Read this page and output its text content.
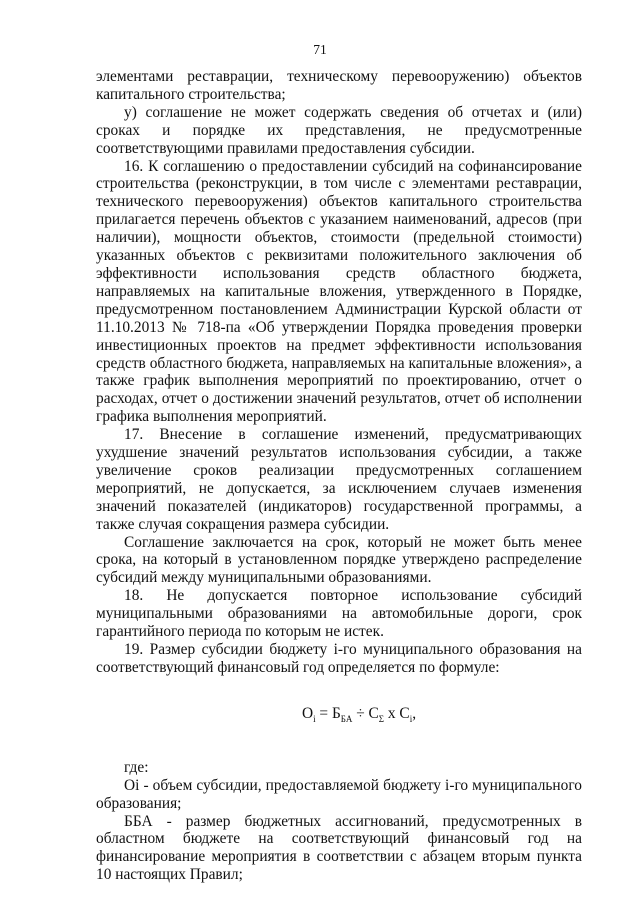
71

элементами реставрации, техническому перевооружению) объектов капитального строительства;

у) соглашение не может содержать сведения об отчетах и (или) сроках и порядке их представления, не предусмотренные соответствующими правилами предоставления субсидии.

16. К соглашению о предоставлении субсидий на софинансирование строительства (реконструкции, в том числе с элементами реставрации, технического перевооружения) объектов капитального строительства прилагается перечень объектов с указанием наименований, адресов (при наличии), мощности объектов, стоимости (предельной стоимости) указанных объектов с реквизитами положительного заключения об эффективности использования средств областного бюджета, направляемых на капитальные вложения, утвержденного в Порядке, предусмотренном постановлением Администрации Курской области от 11.10.2013 № 718-па «Об утверждении Порядка проведения проверки инвестиционных проектов на предмет эффективности использования средств областного бюджета, направляемых на капитальные вложения», а также график выполнения мероприятий по проектированию, отчет о расходах, отчет о достижении значений результатов, отчет об исполнении графика выполнения мероприятий.

17. Внесение в соглашение изменений, предусматривающих ухудшение значений результатов использования субсидии, а также увеличение сроков реализации предусмотренных соглашением мероприятий, не допускается, за исключением случаев изменения значений показателей (индикаторов) государственной программы, а также случая сокращения размера субсидии.

Соглашение заключается на срок, который не может быть менее срока, на который в установленном порядке утверждено распределение субсидий между муниципальными образованиями.

18. Не допускается повторное использование субсидий муниципальными образованиями на автомобильные дороги, срок гарантийного периода по которым не истек.

19. Размер субсидии бюджету i-го муниципального образования на соответствующий финансовый год определяется по формуле:

$O_i = Б_{БА} \div C_\Sigma$ x $C_i$,

где:

Oi - объем субсидии, предоставляемой бюджету i-го муниципального образования;

ББА - размер бюджетных ассигнований, предусмотренных в областном бюджете на соответствующий финансовый год на финансирование мероприятия в соответствии с абзацем вторым пункта 10 настоящих Правил;
